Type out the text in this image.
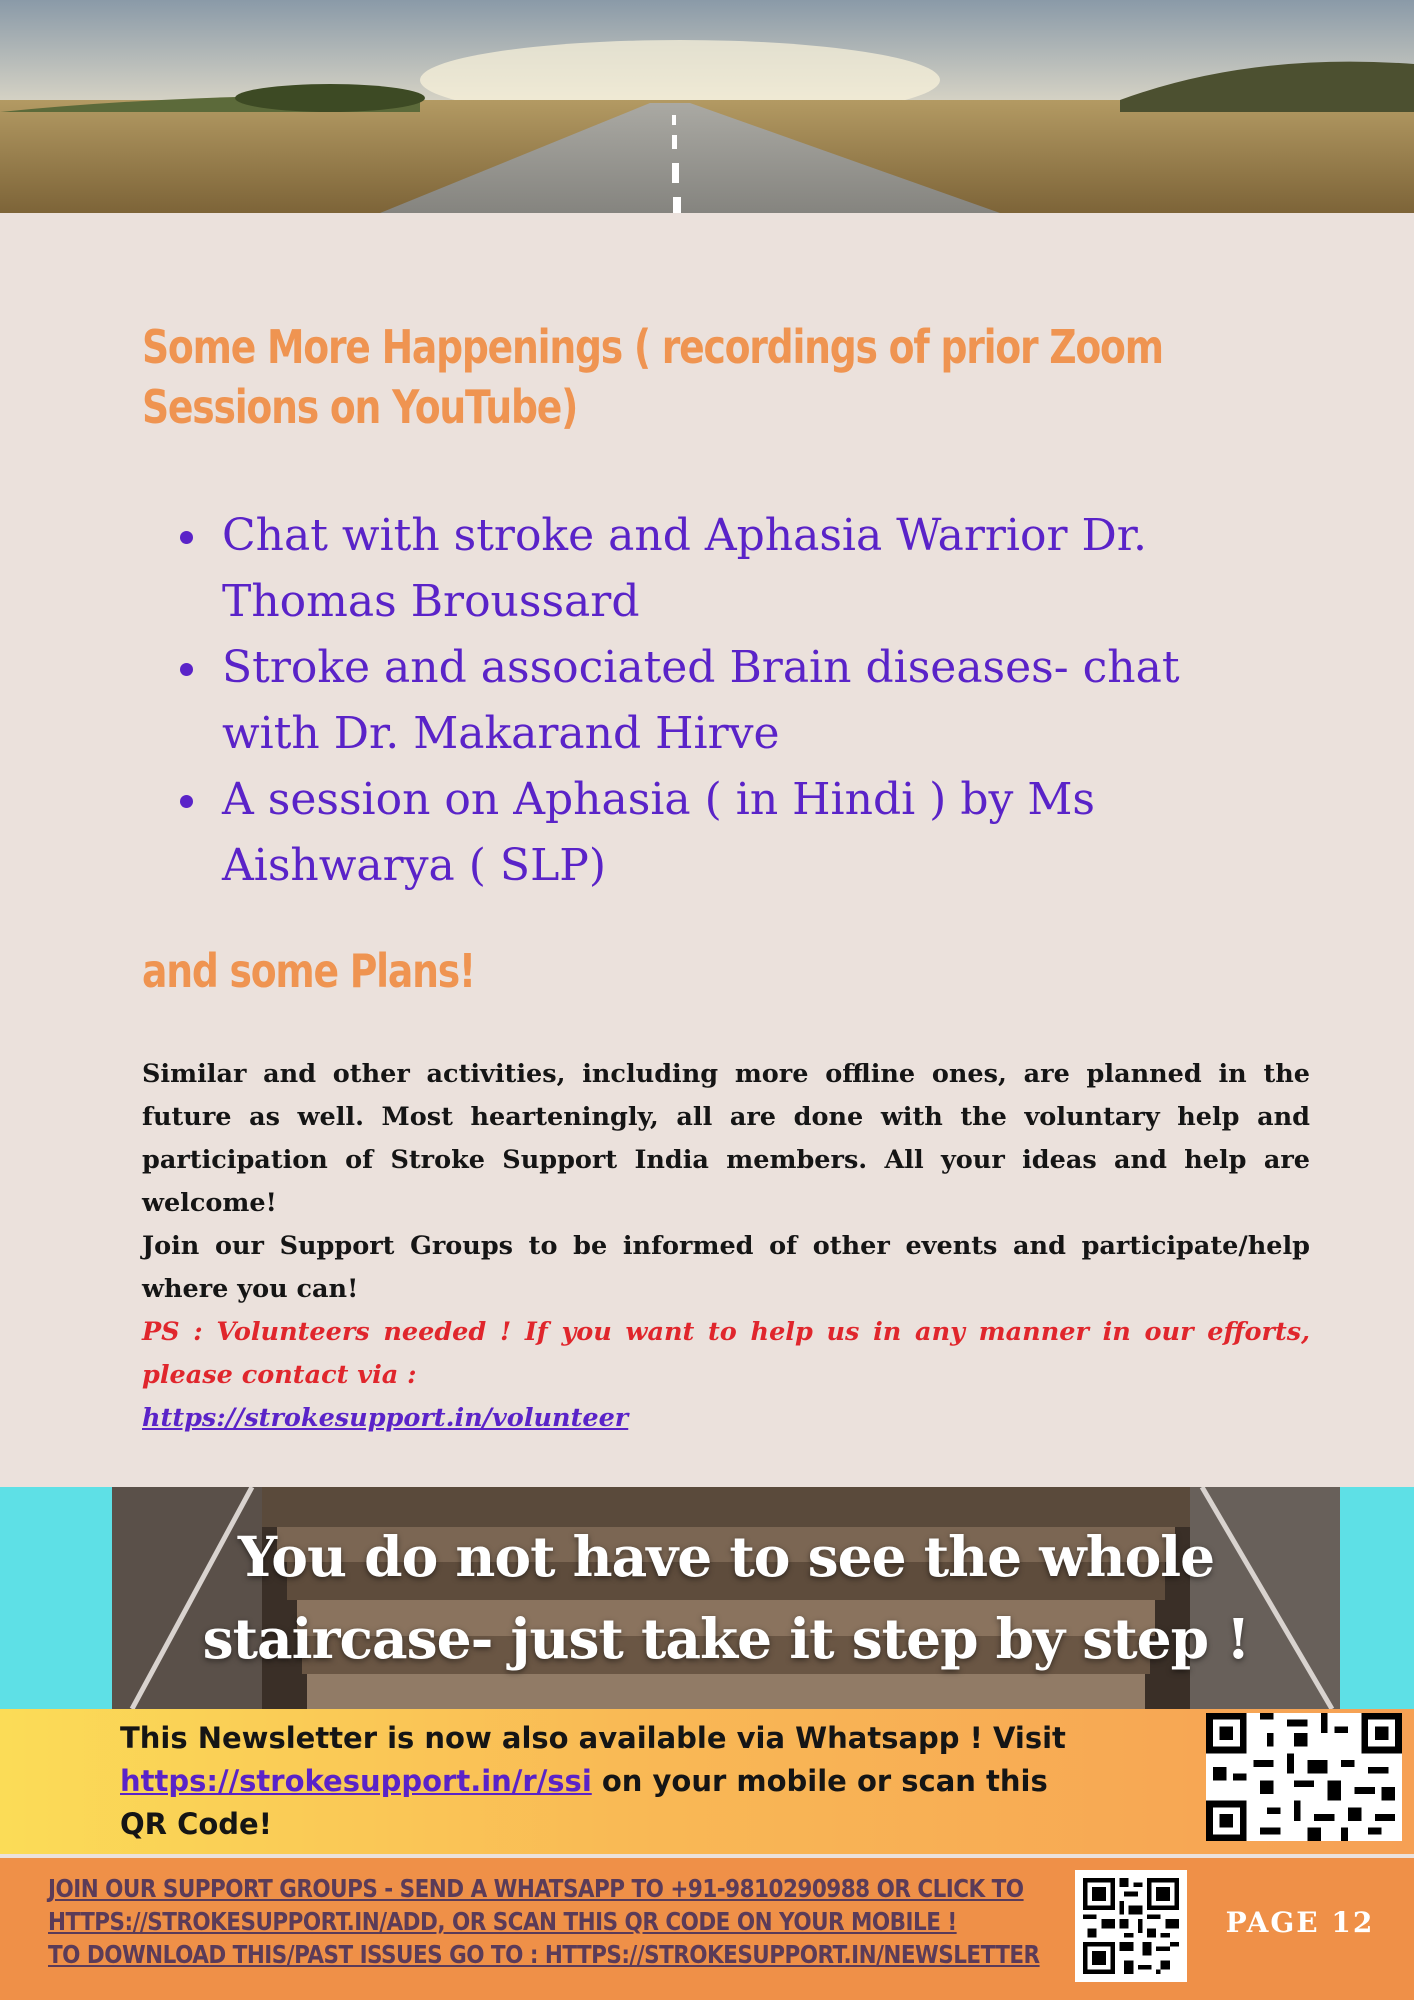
Some More Happenings ( recordings of prior Zoom Sessions on YouTube)
Chat with stroke and Aphasia Warrior Dr. Thomas Broussard
Stroke and associated Brain diseases- chat with Dr. Makarand Hirve
A session on Aphasia ( in Hindi ) by Ms Aishwarya ( SLP)
and some Plans!

Similar and other activities, including more offline ones, are planned in the future as well. Most hearteningly, all are done with the voluntary help and participation of Stroke Support India members. All your ideas and help are welcome!

Join our Support Groups to be informed of other events and participate/help where you can!

PS : Volunteers needed ! If you want to help us in any manner in our efforts, please contact via :
https://strokesupport.in/volunteer
You do not have to see the whole staircase- just take it step by step !
This Newsletter is now also available via Whatsapp ! Visit
https://strokesupport.in/r/ssi on your mobile or scan this QR Code!
JOIN OUR SUPPORT GROUPS - SEND A WHATSAPP TO +91-9810290988 OR CLICK TO
HTTPS://STROKESUPPORT.IN/ADD, OR SCAN THIS QR CODE ON YOUR MOBILE !
TO DOWNLOAD THIS/PAST ISSUES GO TO : HTTPS://STROKESUPPORT.IN/NEWSLETTER
PAGE 12
